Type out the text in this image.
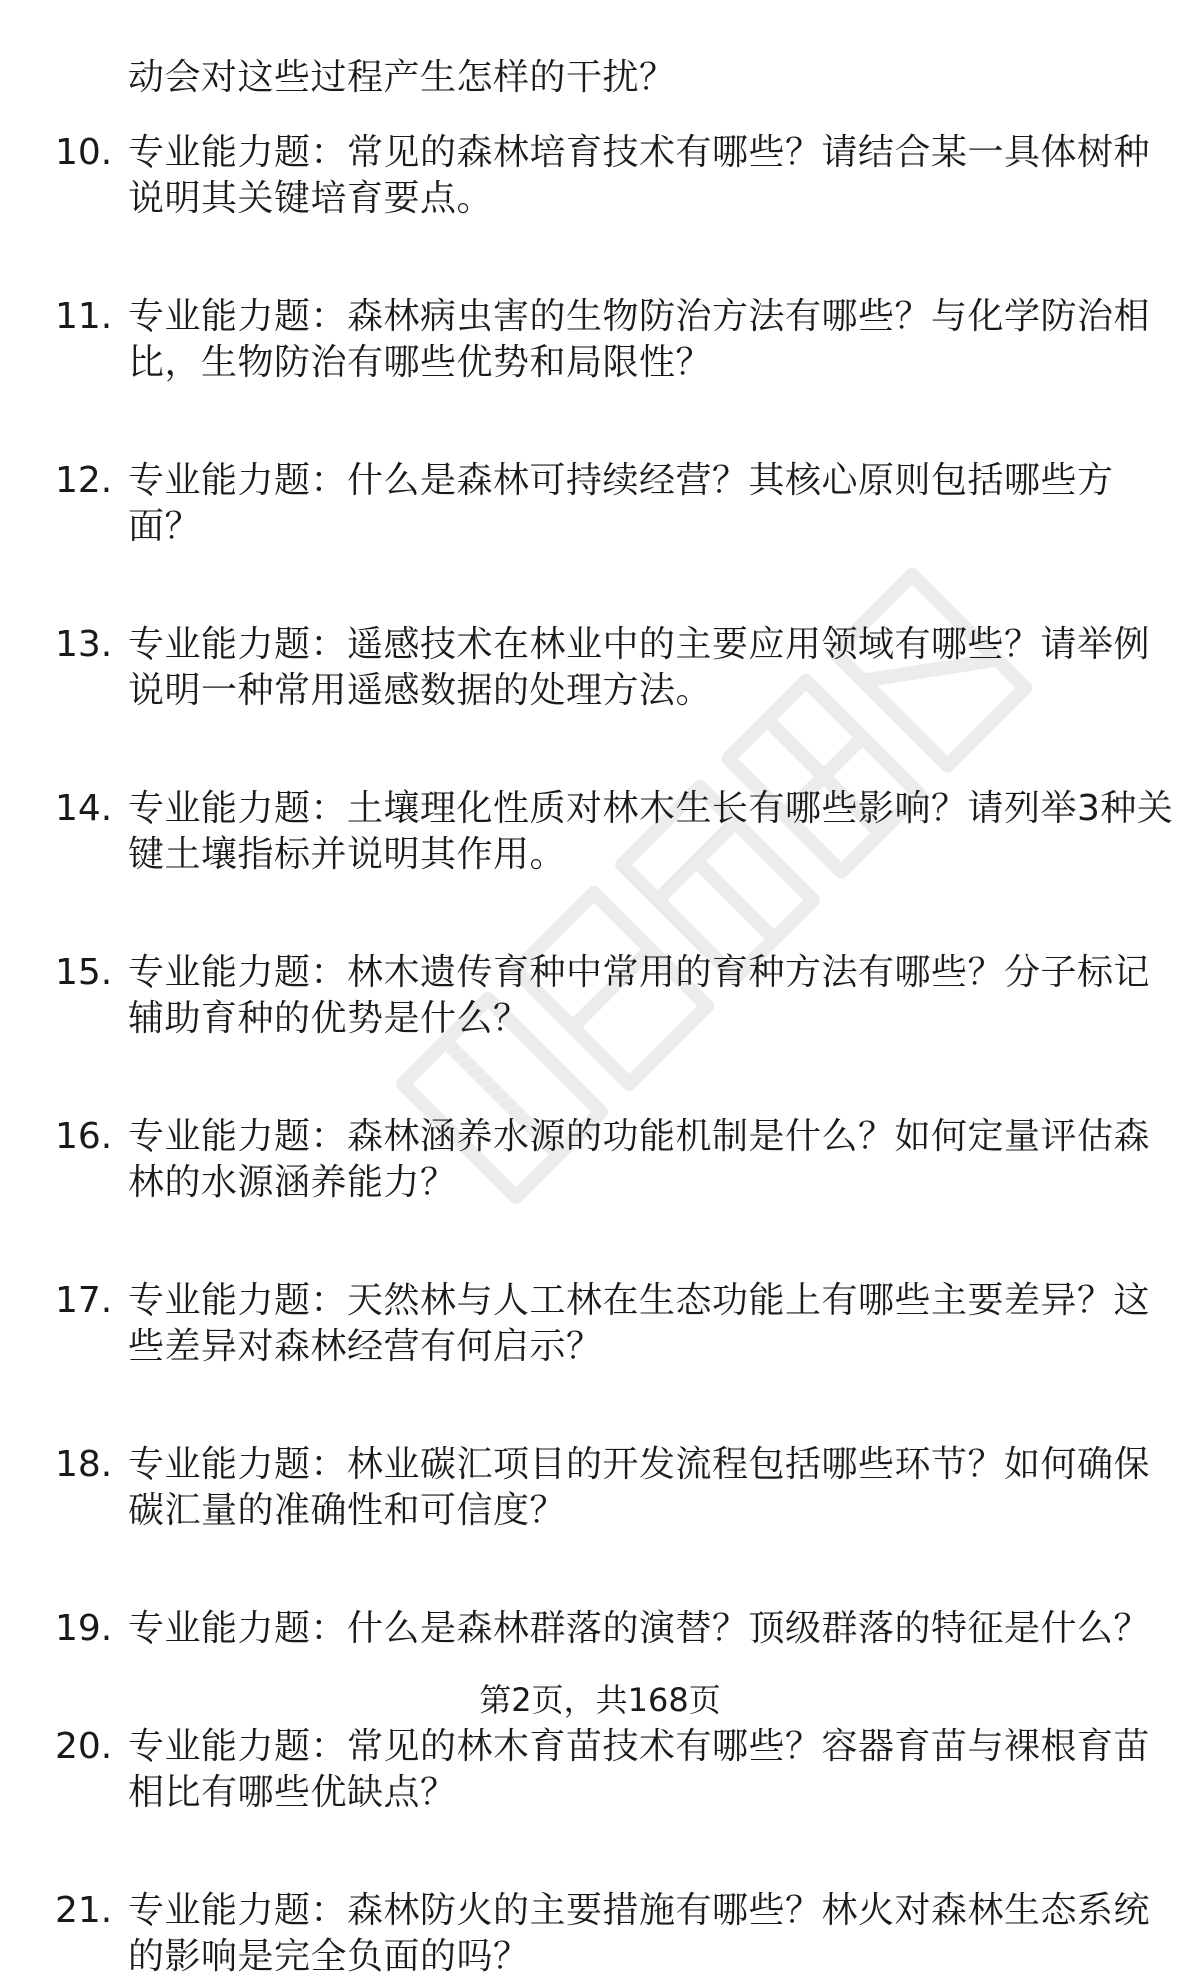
动会对这些过程产生怎样的干扰？
10. 专业能力题：常见的森林培育技术有哪些？请结合某一具体树种
说明其关键培育要点。
11. 专业能力题：森林病虫害的生物防治方法有哪些？与化学防治相
比，生物防治有哪些优势和局限性？
12. 专业能力题：什么是森林可持续经营？其核心原则包括哪些方
面？
13. 专业能力题：遥感技术在林业中的主要应用领域有哪些？请举例
说明一种常用遥感数据的处理方法。
14. 专业能力题：土壤理化性质对林木生长有哪些影响？请列举3种关
键土壤指标并说明其作用。
15. 专业能力题：林木遗传育种中常用的育种方法有哪些？分子标记
辅助育种的优势是什么？
16. 专业能力题：森林涵养水源的功能机制是什么？如何定量评估森
林的水源涵养能力？
17. 专业能力题：天然林与人工林在生态功能上有哪些主要差异？这
些差异对森林经营有何启示？
18. 专业能力题：林业碳汇项目的开发流程包括哪些环节？如何确保
碳汇量的准确性和可信度？
19. 专业能力题：什么是森林群落的演替？顶级群落的特征是什么？
20. 专业能力题：常见的林木育苗技术有哪些？容器育苗与裸根育苗
相比有哪些优缺点？
21. 专业能力题：森林防火的主要措施有哪些？林火对森林生态系统
的影响是完全负面的吗？
第2页，共168页
